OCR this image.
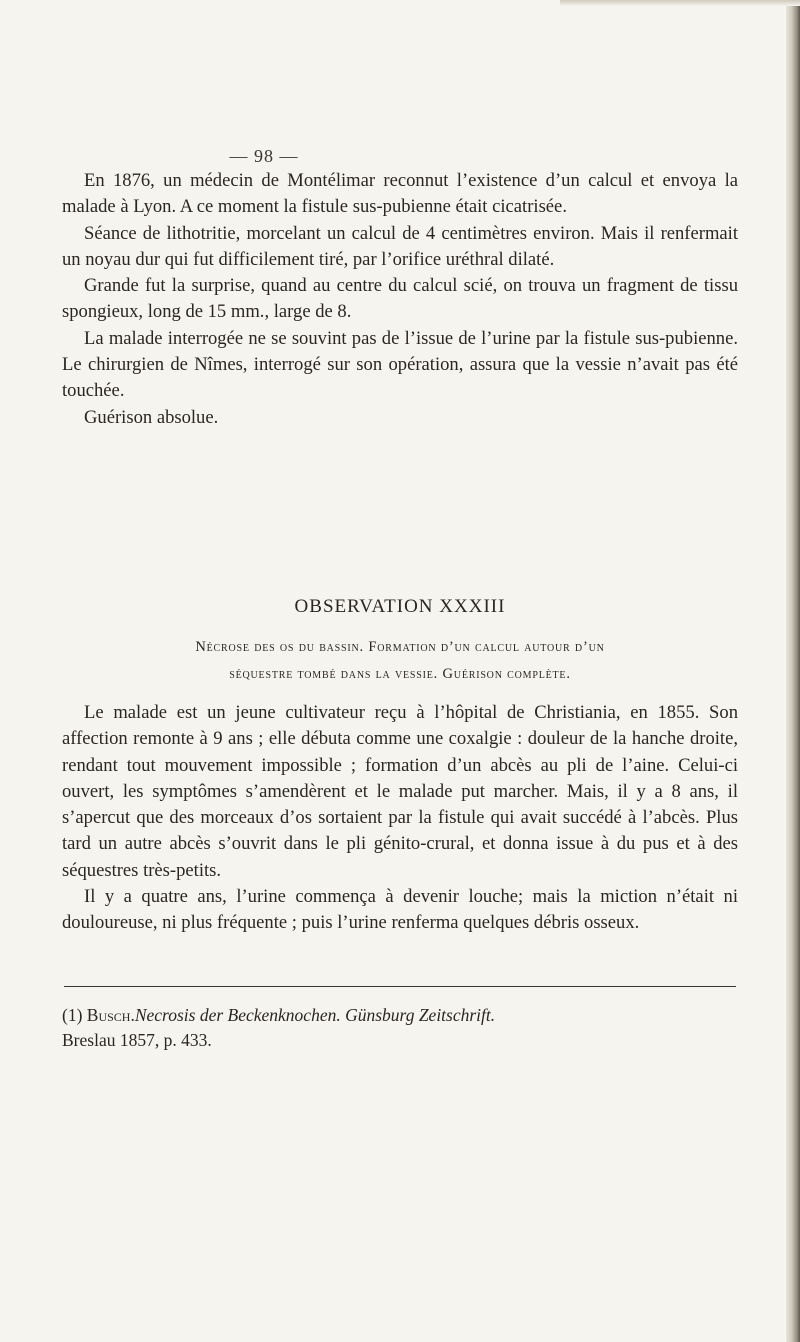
— 98 —

En 1876, un médecin de Montélimar reconnut l’existence d’un calcul et envoya la malade à Lyon. A ce moment la fistule sus-pubienne était cicatrisée.

Séance de lithotritie, morcelant un calcul de 4 centimètres environ. Mais il renfermait un noyau dur qui fut difficilement tiré, par l’orifice uréthral dilaté.

Grande fut la surprise, quand au centre du calcul scié, on trouva un fragment de tissu spongieux, long de 15 mm., large de 8.

La malade interrogée ne se souvint pas de l’issue de l’urine par la fistule sus-pubienne. Le chirurgien de Nîmes, interrogé sur son opération, assura que la vessie n’avait pas été touchée.

Guérison absolue.

OBSERVATION XXXIII
Nécrose des os du bassin. Formation d’un calcul autour d’un
séquestre tombé dans la vessie. Guérison complète.

Le malade est un jeune cultivateur reçu à l’hôpital de Christiania, en 1855. Son affection remonte à 9 ans ; elle débuta comme une coxalgie : douleur de la hanche droite, rendant tout mouvement impossible ; formation d’un abcès au pli de l’aine. Celui-ci ouvert, les symptômes s’amendèrent et le malade put marcher. Mais, il y a 8 ans, il s’apercut que des morceaux d’os sortaient par la fistule qui avait succédé à l’abcès. Plus tard un autre abcès s’ouvrit dans le pli génito-crural, et donna issue à du pus et à des séquestres très-petits.

Il y a quatre ans, l’urine commença à devenir louche; mais la miction n’était ni douloureuse, ni plus fréquente ; puis l’urine renferma quelques débris osseux.

(1) Busch.Necrosis der Beckenknochen. Günsburg Zeitschrift.
Breslau 1857, p. 433.
